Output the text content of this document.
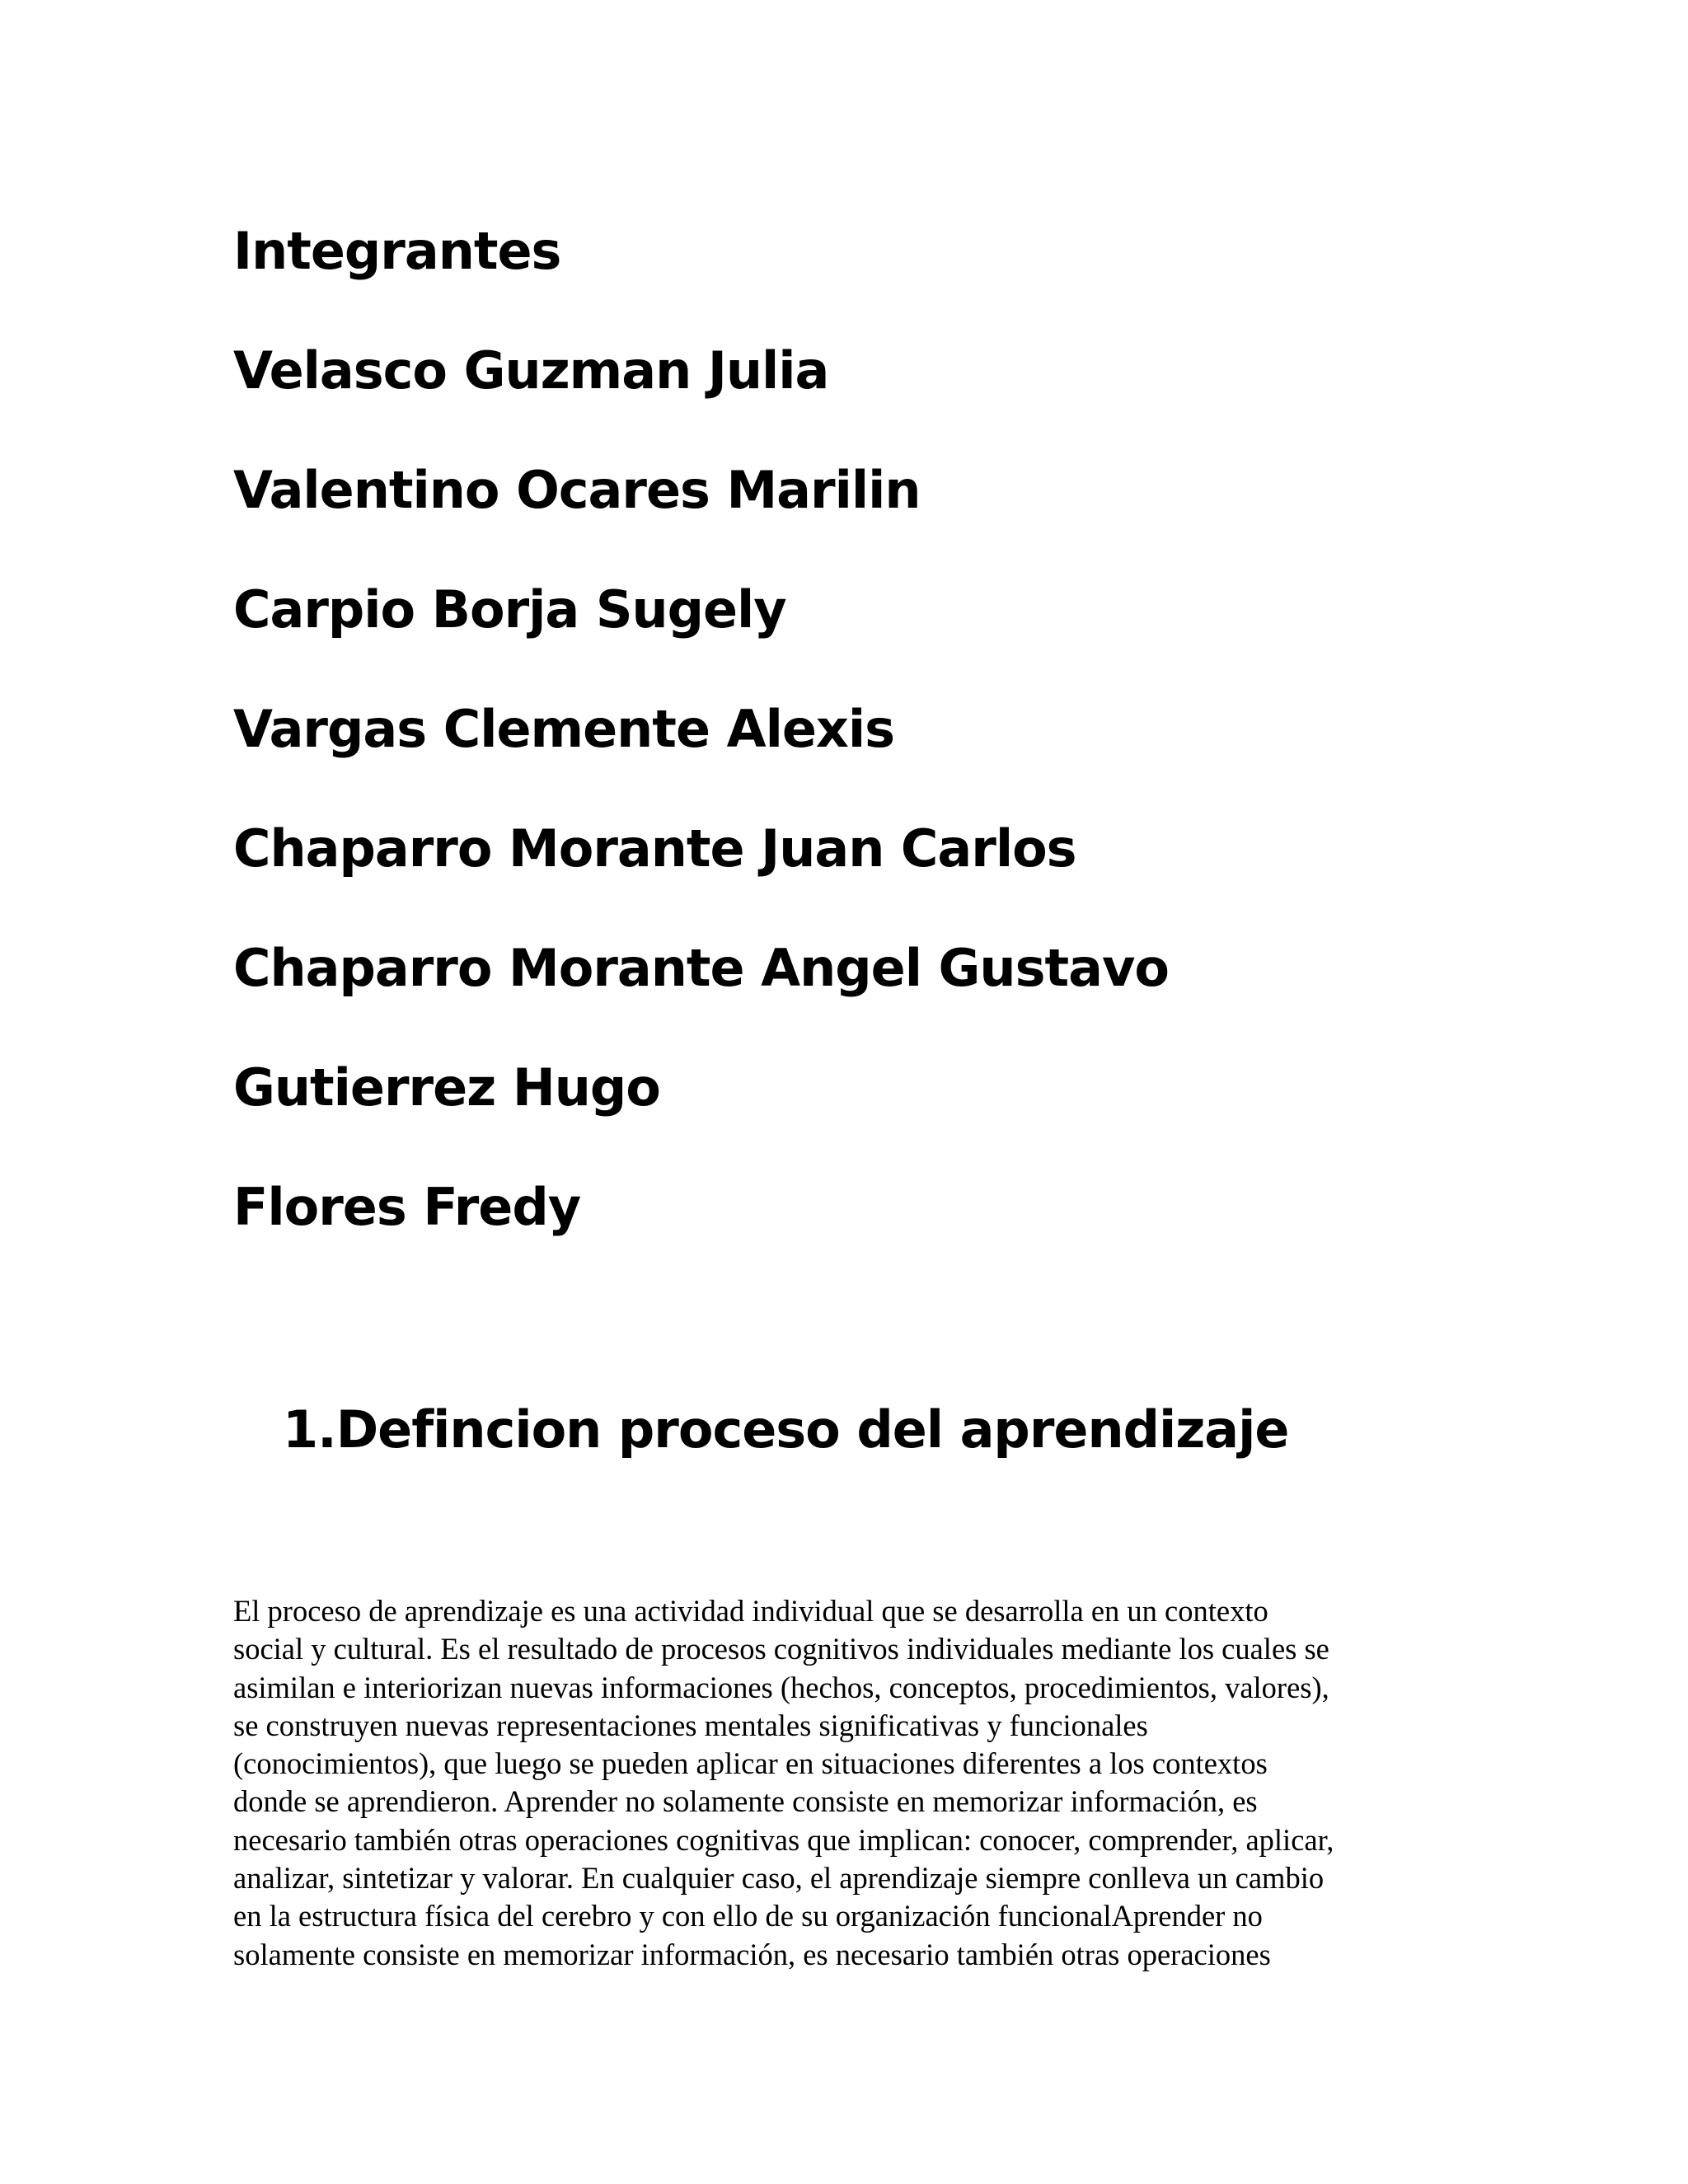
Integrantes
Velasco Guzman Julia
Valentino Ocares Marilin
Carpio Borja Sugely
Vargas Clemente Alexis
Chaparro Morante Juan Carlos
Chaparro Morante Angel Gustavo
Gutierrez Hugo
Flores Fredy
1.Defincion proceso del aprendizaje

El proceso de aprendizaje es una actividad individual que se desarrolla en un contexto
social y cultural. Es el resultado de procesos cognitivos individuales mediante los cuales se
asimilan e interiorizan nuevas informaciones (hechos, conceptos, procedimientos, valores),
se construyen nuevas representaciones mentales significativas y funcionales
(conocimientos), que luego se pueden aplicar en situaciones diferentes a los contextos
donde se aprendieron. Aprender no solamente consiste en memorizar información, es
necesario también otras operaciones cognitivas que implican: conocer, comprender, aplicar,
analizar, sintetizar y valorar. En cualquier caso, el aprendizaje siempre conlleva un cambio
en la estructura física del cerebro y con ello de su organización funcionalAprender no
solamente consiste en memorizar información, es necesario también otras operaciones
